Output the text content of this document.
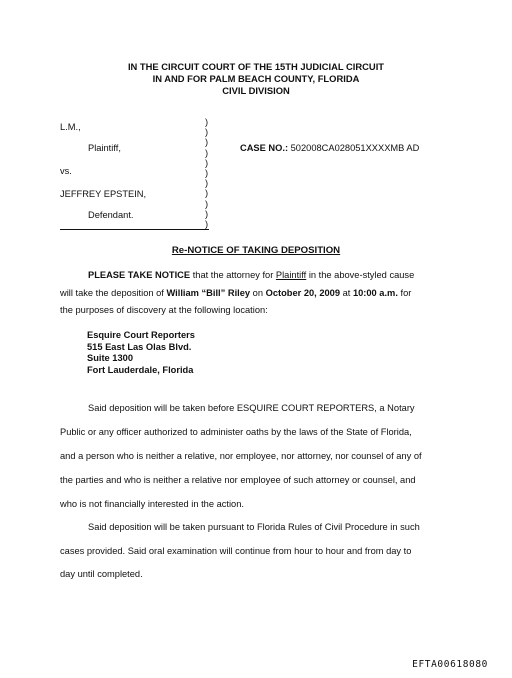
IN THE CIRCUIT COURT OF THE 15TH JUDICIAL CIRCUIT
IN AND FOR PALM BEACH COUNTY, FLORIDA
CIVIL DIVISION
L.M.,
Plaintiff,
vs.
JEFFREY EPSTEIN,
Defendant.
)
)
)
)
)
)
)
)
)
)
)
CASE NO.: 502008CA028051XXXXMB AD
Re-NOTICE OF TAKING DEPOSITION
PLEASE TAKE NOTICE that the attorney for Plaintiff in the above-styled cause
will take the deposition of William “Bill” Riley on October 20, 2009 at 10:00 a.m. for
the purposes of discovery at the following location:
Esquire Court Reporters
515 East Las Olas Blvd.
Suite 1300
Fort Lauderdale, Florida
Said deposition will be taken before ESQUIRE COURT REPORTERS, a Notary
Public or any officer authorized to administer oaths by the laws of the State of Florida,
and a person who is neither a relative, nor employee, nor attorney, nor counsel of any of
the parties and who is neither a relative nor employee of such attorney or counsel, and
who is not financially interested in the action.
Said deposition will be taken pursuant to Florida Rules of Civil Procedure in such
cases provided. Said oral examination will continue from hour to hour and from day to
day until completed.
EFTA00618080
